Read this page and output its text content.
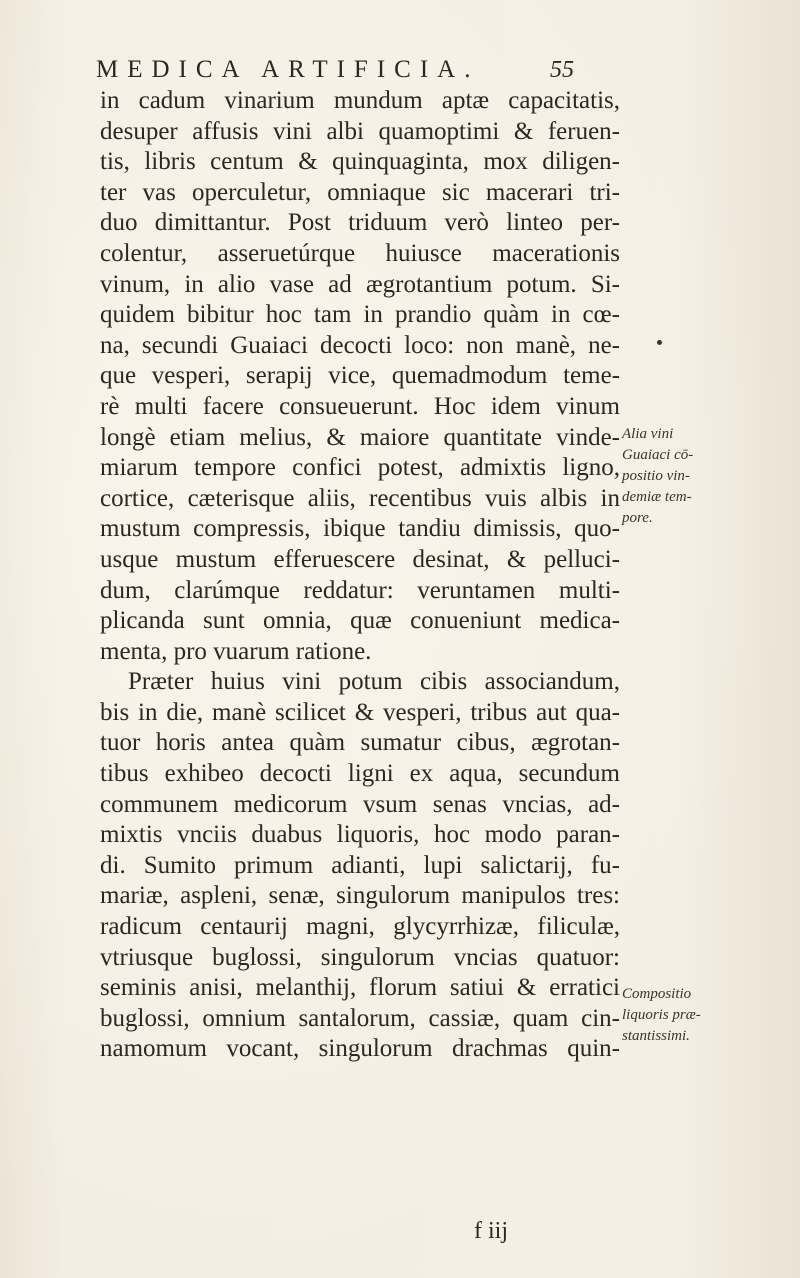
MEDICA ARTIFICIA.	55
in cadum vinarium mundum aptæ capacitatis,
desuper affusis vini albi quamoptimi & feruen-
tis, libris centum & quinquaginta, mox diligen-
ter vas operculetur, omniaque sic macerari tri-
duo dimittantur. Post triduum verò linteo per-
colentur, asseruetúrque huiusce macerationis
vinum, in alio vase ad ægrotantium potum. Si-
quidem bibitur hoc tam in prandio quàm in cœ-
na, secundi Guaiaci decocti loco: non manè, ne-
que vesperi, serapij vice, quemadmodum teme-
rè multi facere consueuerunt. Hoc idem vinum
longè etiam melius, & maiore quantitate vinde-
miarum tempore confici potest, admixtis ligno,
cortice, cæterisque aliis, recentibus vuis albis in
mustum compressis, ibique tandiu dimissis, quo-
usque mustum efferuescere desinat, & pelluci-
dum, clarúmque reddatur: veruntamen multi-
plicanda sunt omnia, quæ conueniunt medica-
menta, pro vuarum ratione.
Præter huius vini potum cibis associandum,
bis in die, manè scilicet & vesperi, tribus aut qua-
tuor horis antea quàm sumatur cibus, ægrotan-
tibus exhibeo decocti ligni ex aqua, secundum
communem medicorum vsum senas vncias, ad-
mixtis vnciis duabus liquoris, hoc modo paran-
di. Sumito primum adianti, lupi salictarij, fu-
mariæ, aspleni, senæ, singulorum manipulos tres:
radicum centaurij magni, glycyrrhizæ, filiculæ,
vtriusque buglossi, singulorum vncias quatuor:
seminis anisi, melanthij, florum satiui & erratici
buglossi, omnium santalorum, cassiæ, quam cin-
namomum vocant, singulorum drachmas quin-
Alia vini
Guaiaci cō-
positio vin-
demiæ tem-
pore.
Compositio
liquoris præ-
stantissimi.
f iij
